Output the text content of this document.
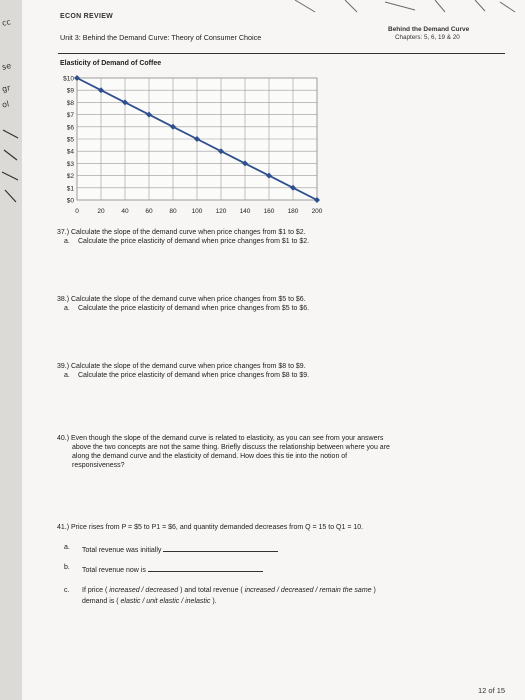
cc
se
gr
ol
ECON REVIEW
Unit 3: Behind the Demand Curve: Theory of Consumer Choice
Behind the Demand Curve
Chapters: 5, 6, 19 & 20
Elasticity of Demand of Coffee
$0
$1
$2
$3
$4
$5
$6
$7
$8
$9
$10
0	20	40	60	80 100 120 140 160 180 200
37.) Calculate the slope of the demand curve when price changes from $1 to $2.
a. Calculate the price elasticity of demand when price changes from $1 to $2.
38.) Calculate the slope of the demand curve when price changes from $5 to $6.
a. Calculate the price elasticity of demand when price changes from $5 to $6.
39.) Calculate the slope of the demand curve when price changes from $8 to $9.
a. Calculate the price elasticity of demand when price changes from $8 to $9.
40.) Even though the slope of the demand curve is related to elasticity, as you can see from your answers
above the two concepts are not the same thing. Briefly discuss the relationship between where you are
along the demand curve and the elasticity of demand. How does this tie into the notion of
responsiveness?
41.) Price rises from P = $5 to P1 = $6, and quantity demanded decreases from Q = 15 to Q1 = 10.
a. Total revenue was initially
b. Total revenue now is
c. If price ( increased / decreased ) and total revenue ( increased / decreased / remain the same )
demand is ( elastic / unit elastic / inelastic ).
12 of 15
